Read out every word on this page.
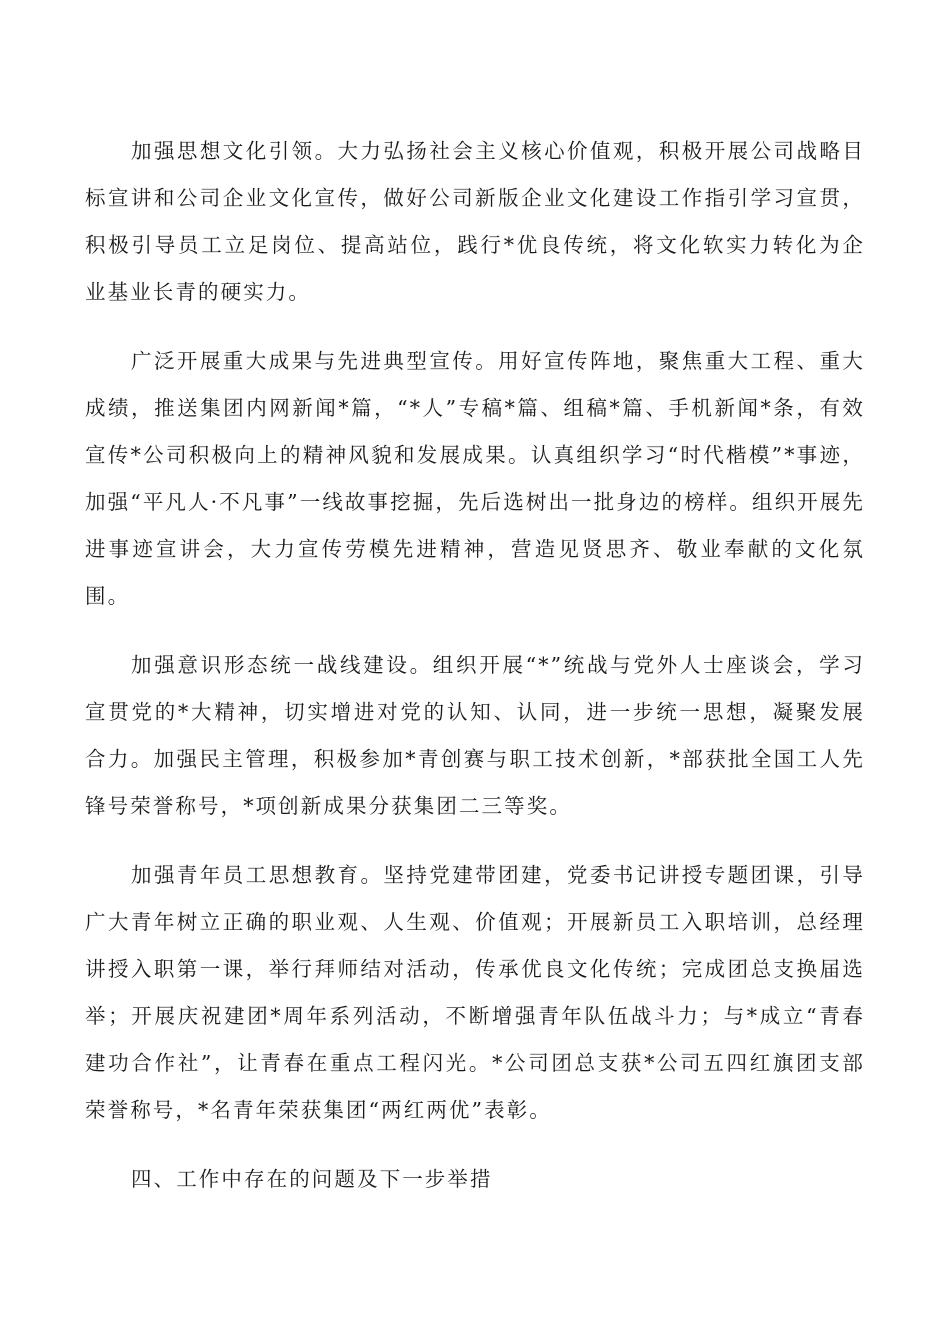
加强思想文化引领。大力弘扬社会主义核心价值观，积极开展公司战略目标宣讲和公司企业文化宣传，做好公司新版企业文化建设工作指引学习宣贯，积极引导员工立足岗位、提高站位，践行*优良传统，将文化软实力转化为企业基业长青的硬实力。

广泛开展重大成果与先进典型宣传。用好宣传阵地，聚焦重大工程、重大成绩，推送集团内网新闻*篇，“*人”专稿*篇、组稿*篇、手机新闻*条，有效宣传*公司积极向上的精神风貌和发展成果。认真组织学习“时代楷模”*事迹，加强“平凡人·不凡事”一线故事挖掘，先后选树出一批身边的榜样。组织开展先进事迹宣讲会，大力宣传劳模先进精神，营造见贤思齐、敬业奉献的文化氛围。

加强意识形态统一战线建设。组织开展“*”统战与党外人士座谈会，学习宣贯党的*大精神，切实增进对党的认知、认同，进一步统一思想，凝聚发展合力。加强民主管理，积极参加*青创赛与职工技术创新，*部获批全国工人先锋号荣誉称号，*项创新成果分获集团二三等奖。

加强青年员工思想教育。坚持党建带团建，党委书记讲授专题团课，引导广大青年树立正确的职业观、人生观、价值观；开展新员工入职培训，总经理讲授入职第一课，举行拜师结对活动，传承优良文化传统；完成团总支换届选举；开展庆祝建团*周年系列活动，不断增强青年队伍战斗力；与*成立“青春建功合作社”，让青春在重点工程闪光。*公司团总支获*公司五四红旗团支部荣誉称号，*名青年荣获集团“两红两优”表彰。

四、工作中存在的问题及下一步举措
